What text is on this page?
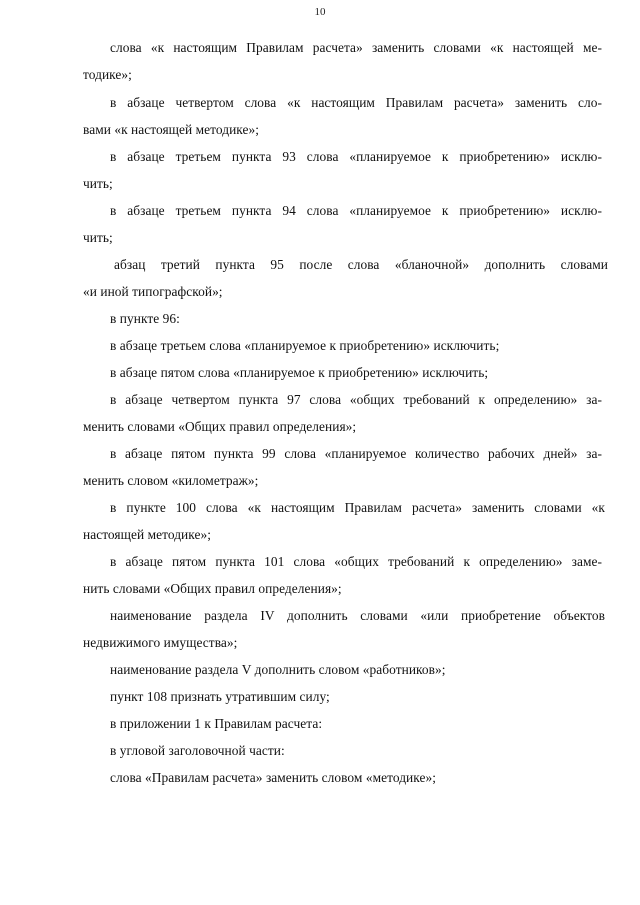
10
слова «к настоящим Правилам расчета» заменить словами «к настоящей ме-
тодике»;
в абзаце четвертом слова «к настоящим Правилам расчета» заменить сло-
вами «к настоящей методике»;
в абзаце третьем пункта 93 слова «планируемое к приобретению» исклю-
чить;
в абзаце третьем пункта 94 слова «планируемое к приобретению» исклю-
чить;
абзац третий пункта 95 после слова «бланочной» дополнить словами
«и иной типографской»;
в пункте 96:
в абзаце третьем слова «планируемое к приобретению» исключить;
в абзаце пятом слова «планируемое к приобретению» исключить;
в абзаце четвертом пункта 97 слова «общих требований к определению» за-
менить словами «Общих правил определения»;
в абзаце пятом пункта 99 слова «планируемое количество рабочих дней» за-
менить словом «километраж»;
в пункте 100 слова «к настоящим Правилам расчета» заменить словами «к
настоящей методике»;
в абзаце пятом пункта 101 слова «общих требований к определению» заме-
нить словами «Общих правил определения»;
наименование раздела IV дополнить словами «или приобретение объектов
недвижимого имущества»;
наименование раздела V дополнить словом «работников»;
пункт 108 признать утратившим силу;
в приложении 1 к Правилам расчета:
в угловой заголовочной части:
слова «Правилам расчета» заменить словом «методике»;
